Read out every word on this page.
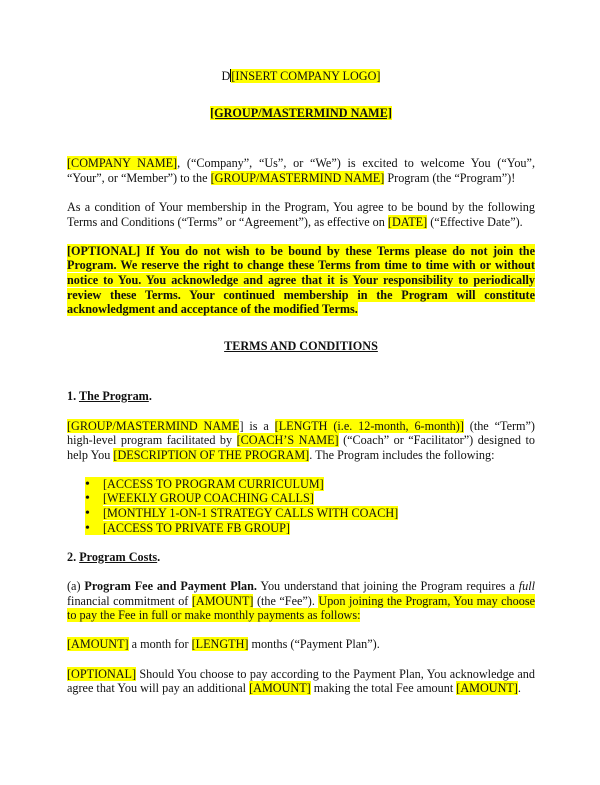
D[INSERT COMPANY LOGO]

[GROUP/MASTERMIND NAME]

[COMPANY NAME], (“Company”, “Us”, or “We”) is excited to welcome You (“You”, “Your”, or “Member”) to the [GROUP/MASTERMIND NAME] Program (the “Program”)!

As a condition of Your membership in the Program, You agree to be bound by the following Terms and Conditions (“Terms” or “Agreement”), as effective on [DATE] (“Effective Date”).

[OPTIONAL] If You do not wish to be bound by these Terms please do not join the Program. We reserve the right to change these Terms from time to time with or without notice to You. You acknowledge and agree that it is Your responsibility to periodically review these Terms. Your continued membership in the Program will constitute acknowledgment and acceptance of the modified Terms.

TERMS AND CONDITIONS

1. The Program.

[GROUP/MASTERMIND NAME] is a [LENGTH (i.e. 12-month, 6-month)] (the “Term”) high-level program facilitated by [COACH’S NAME] (“Coach” or “Facilitator”) designed to help You [DESCRIPTION OF THE PROGRAM]. The Program includes the following:

•
[ACCESS TO PROGRAM CURRICULUM]
•
[WEEKLY GROUP COACHING CALLS]
•
[MONTHLY 1-ON-1 STRATEGY CALLS WITH COACH]
•
[ACCESS TO PRIVATE FB GROUP]

2. Program Costs.

(a) Program Fee and Payment Plan. You understand that joining the Program requires a full financial commitment of [AMOUNT] (the “Fee”). Upon joining the Program, You may choose to pay the Fee in full or make monthly payments as follows:

[AMOUNT] a month for [LENGTH] months (“Payment Plan”).

[OPTIONAL] Should You choose to pay according to the Payment Plan, You acknowledge and agree that You will pay an additional [AMOUNT] making the total Fee amount [AMOUNT].
